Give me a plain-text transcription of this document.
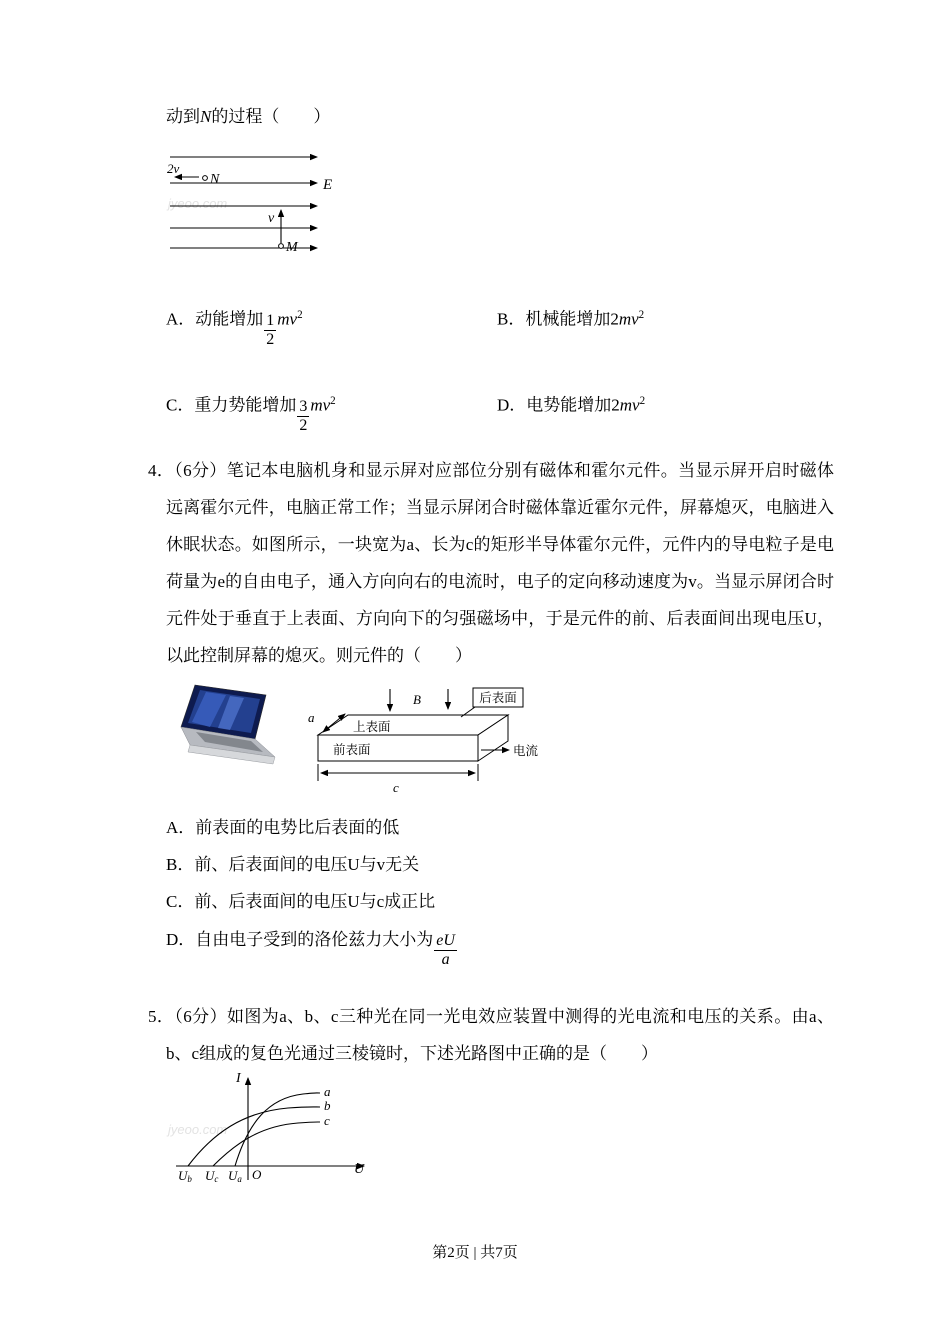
jyeoo.com
jyeoo.com
动到N的过程（　　）
2v
N	E
v
M
A．动能增加 $\frac{1}{2} mv^2$	B．机械能增加$2mv^2$
C．重力势能增加 $\frac{3}{2} mv^2$	D．电势能增加$2mv^2$
4．（6分）笔记本电脑机身和显示屏对应部位分别有磁体和霍尔元件。当显示屏开启时磁体远离霍尔元件，电脑正常工作；当显示屏闭合时磁体靠近霍尔元件，屏幕熄灭，电脑进入休眠状态。如图所示，一块宽为a、长为c的矩形半导体霍尔元件，元件内的导电粒子是电荷量为e的自由电子，通入方向向右的电流时，电子的定向移动速度为v。当显示屏闭合时元件处于垂直于上表面、方向向下的匀强磁场中，于是元件的前、后表面间出现电压U，以此控制屏幕的熄灭。则元件的（　　）
后表面
上表面
前表面
B
a
电流
c
A．前表面的电势比后表面的低
B．前、后表面间的电压U与v无关
C．前、后表面间的电压U与c成正比
D．自由电子受到的洛伦兹力大小为 $\frac{eU}{a}$
5．（6分）如图为a、b、c三种光在同一光电效应装置中测得的光电流和电压的关系。由a、b、c组成的复色光通过三棱镜时，下述光路图中正确的是（　　）
I
U
O
a
b
c
Ub Uc Ua
第2页 | 共7页
